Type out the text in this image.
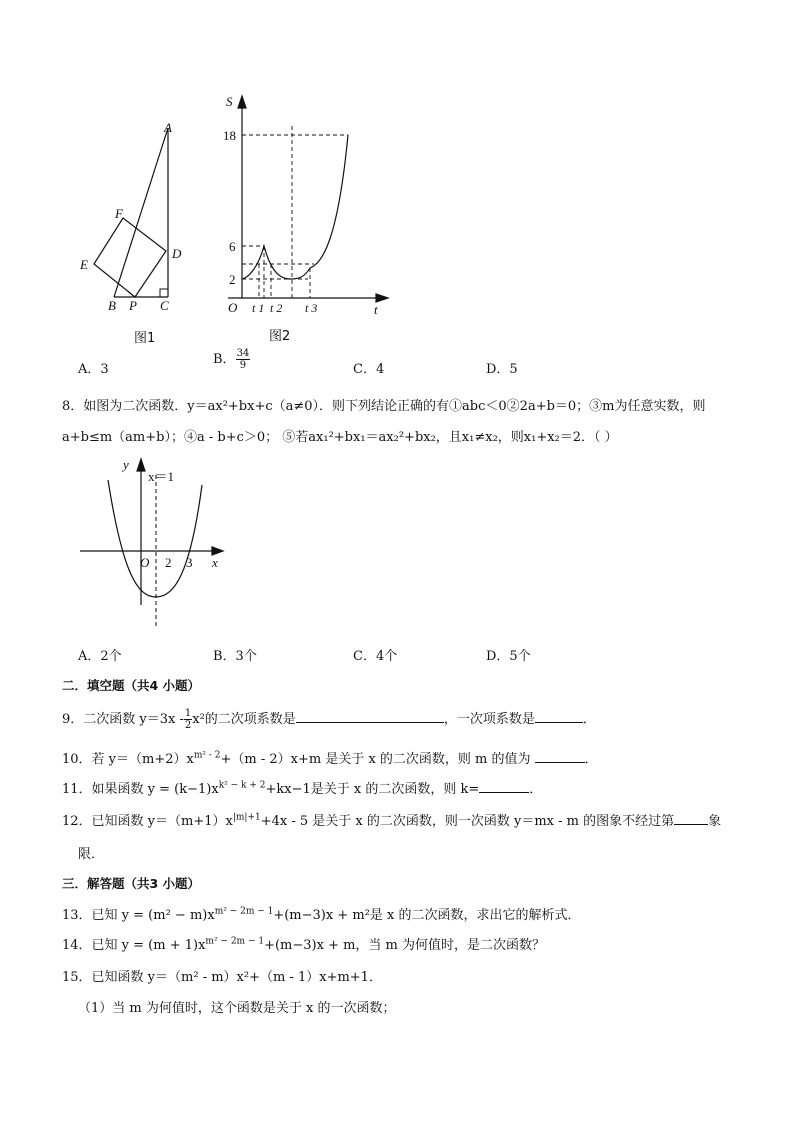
A
F
E
D
B P C
图1
S
18
6
2
O t 1 t 2 t 3	t
图2
A．3
B． $\frac{34}{9}$	C．4	D．5
8．如图为二次函数．y＝ax²+bx+c（a≠0）．则下列结论正确的有①abc＜0②2a+b＝0；③m为任意实数，则
a+b≤m（am+b）；④a - b+c＞0； ⑤若ax₁²+bx₁＝ax₂²+bx₂，且x₁≠x₂，则x₁+x₂＝2．（ ）
y
x＝1
O 2 3 x
A．2个	B．3个	C．4个	D．5个
二．填空题（共4 小题）
9．二次函数 $y=3x - \frac{1}{2} x^2$的二次项系数是	，一次项系数是	．
10．若 $y=(m+2)x^{m^2 - 2}+(m - 2)x+m$ 是关于 x 的二次函数，则 m 的值为	．
11．如果函数 $y = (k-1)x^{k^2 - k + 2}+kx-1$是关于 x 的二次函数，则 k=	．
12．已知函数 $y=(m+1)x^{|m|+1}+4x - 5$ 是关于 x 的二次函数，则一次函数 y＝mx - m 的图象不经过第	象
限．
三．解答题（共3 小题）
13．已知 $y = (m^2 - m)x^{m^2 - 2m - 1}+(m-3)x + m^2$是 x 的二次函数，求出它的解析式．
14．已知 $y = (m + 1)x^{m^2 - 2m - 1}+(m-3)x + m$，当 m 为何值时，是二次函数？
15．已知函数 y＝（m² - m）x²+（m - 1）x+m+1．
（1）当 m 为何值时，这个函数是关于 x 的一次函数；
